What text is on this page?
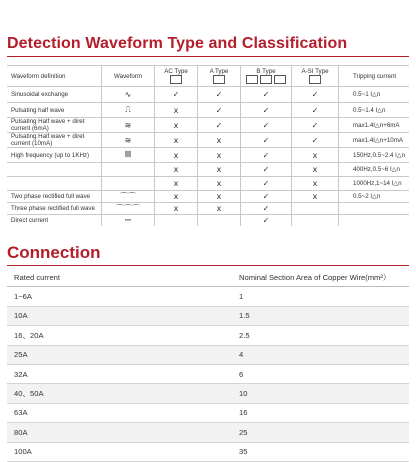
Detection Waveform Type and Classification
Waveform definition	Waveform	AC Type	A Type	B Type	A-SI Type	Tripping current
Sinusoidal exchange	∿	✓	✓	✓	✓	0.5~1 I△n
Pulsating half wave	⎍	x	✓	✓	✓	0.5~1.4 I△n
Pulsating Half wave + diret current (6mA)	≋	x	✓	✓	✓	max1.4I△n+6mA
Pulsating Half wave + diret current (10mA)	≋	x	x	✓	✓	max1.4I△n+10mA
High frequency (up to 1KHz)	⦀⦀	x	x	✓	x	150Hz,0.5~2.4 I△n
		x	x	✓	x	400Hz,0.5~6 I△n
		x	x	✓	x	1000Hz,1~14 I△n
Two phase rectified full wave	⌒⌒	x	x	✓	x	0.5~2 I△n
Three phase rectified full wave	⌒⌒⌒	x	x	✓		
Direct current	⎓			✓		
Connection
Rated current	Nominal Section Area of Copper Wire(mm²）
1~6A	1
10A	1.5
16、20A	2.5
25A	4
32A	6
40、50A	10
63A	16
80A	25
100A	35
